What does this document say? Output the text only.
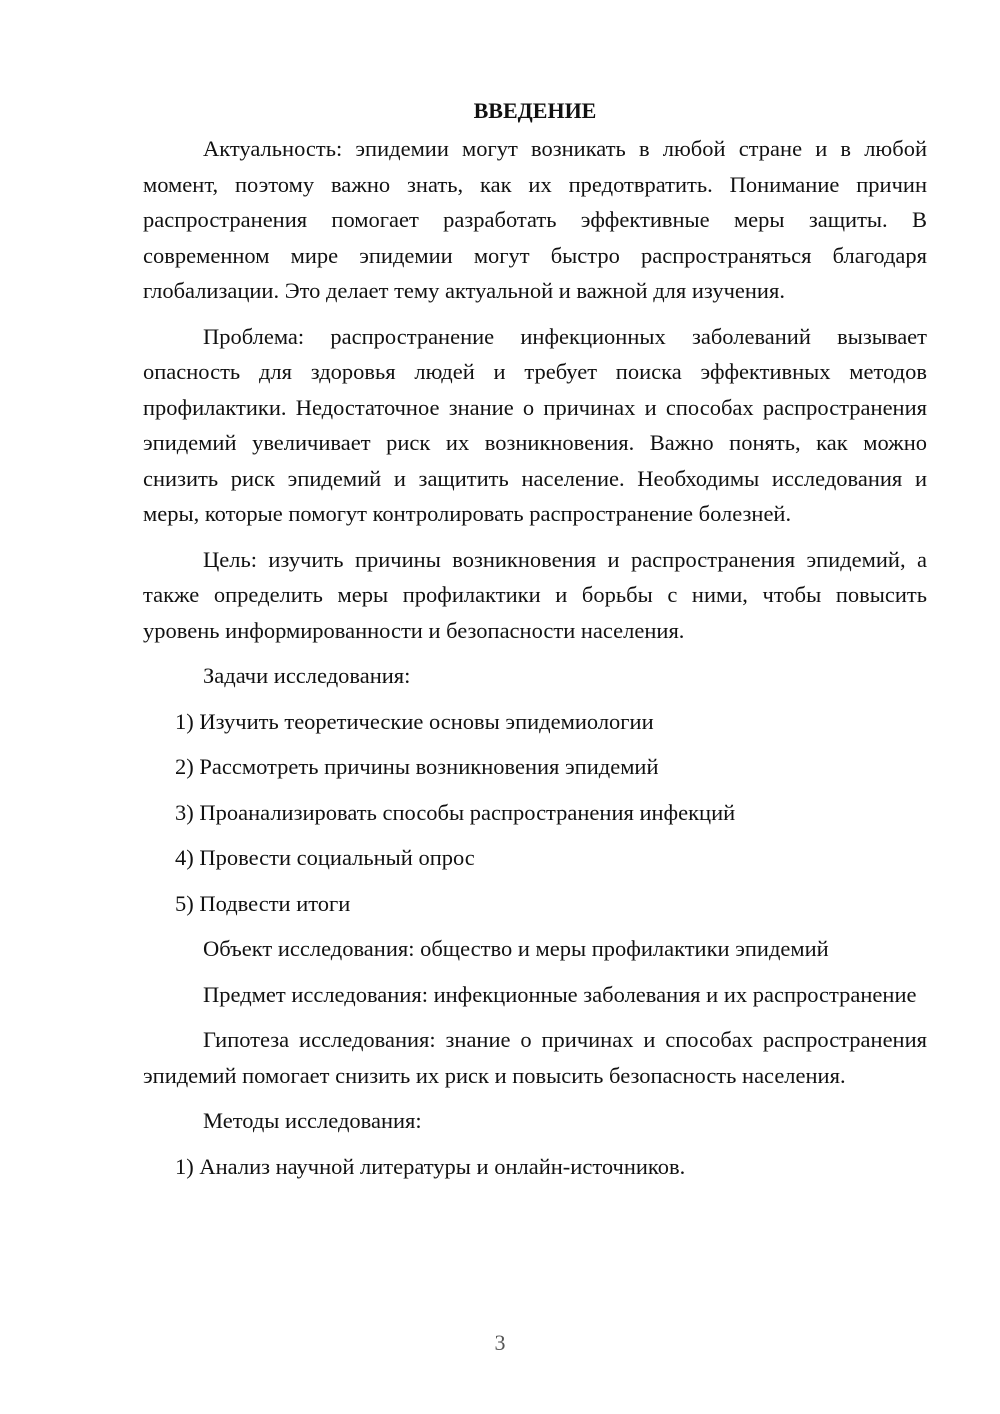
ВВЕДЕНИЕ

Актуальность: эпидемии могут возникать в любой стране и в любой момент, поэтому важно знать, как их предотвратить. Понимание причин распространения помогает разработать эффективные меры защиты. В современном мире эпидемии могут быстро распространяться благодаря глобализации. Это делает тему актуальной и важной для изучения.

Проблема: распространение инфекционных заболеваний вызывает опасность для здоровья людей и требует поиска эффективных методов профилактики. Недостаточное знание о причинах и способах распространения эпидемий увеличивает риск их возникновения. Важно понять, как можно снизить риск эпидемий и защитить население. Необходимы исследования и меры, которые помогут контролировать распространение болезней.

Цель: изучить причины возникновения и распространения эпидемий, а также определить меры профилактики и борьбы с ними, чтобы повысить уровень информированности и безопасности населения.

Задачи исследования:
1) Изучить теоретические основы эпидемиологии
2) Рассмотреть причины возникновения эпидемий
3) Проанализировать способы распространения инфекций
4) Провести социальный опрос
5) Подвести итоги
Объект исследования: общество и меры профилактики эпидемий

Предмет исследования: инфекционные заболевания и их распространение

Гипотеза исследования: знание о причинах и способах распространения эпидемий помогает снизить их риск и повысить безопасность населения.

Методы исследования:
1) Анализ научной литературы и онлайн-источников.
3
